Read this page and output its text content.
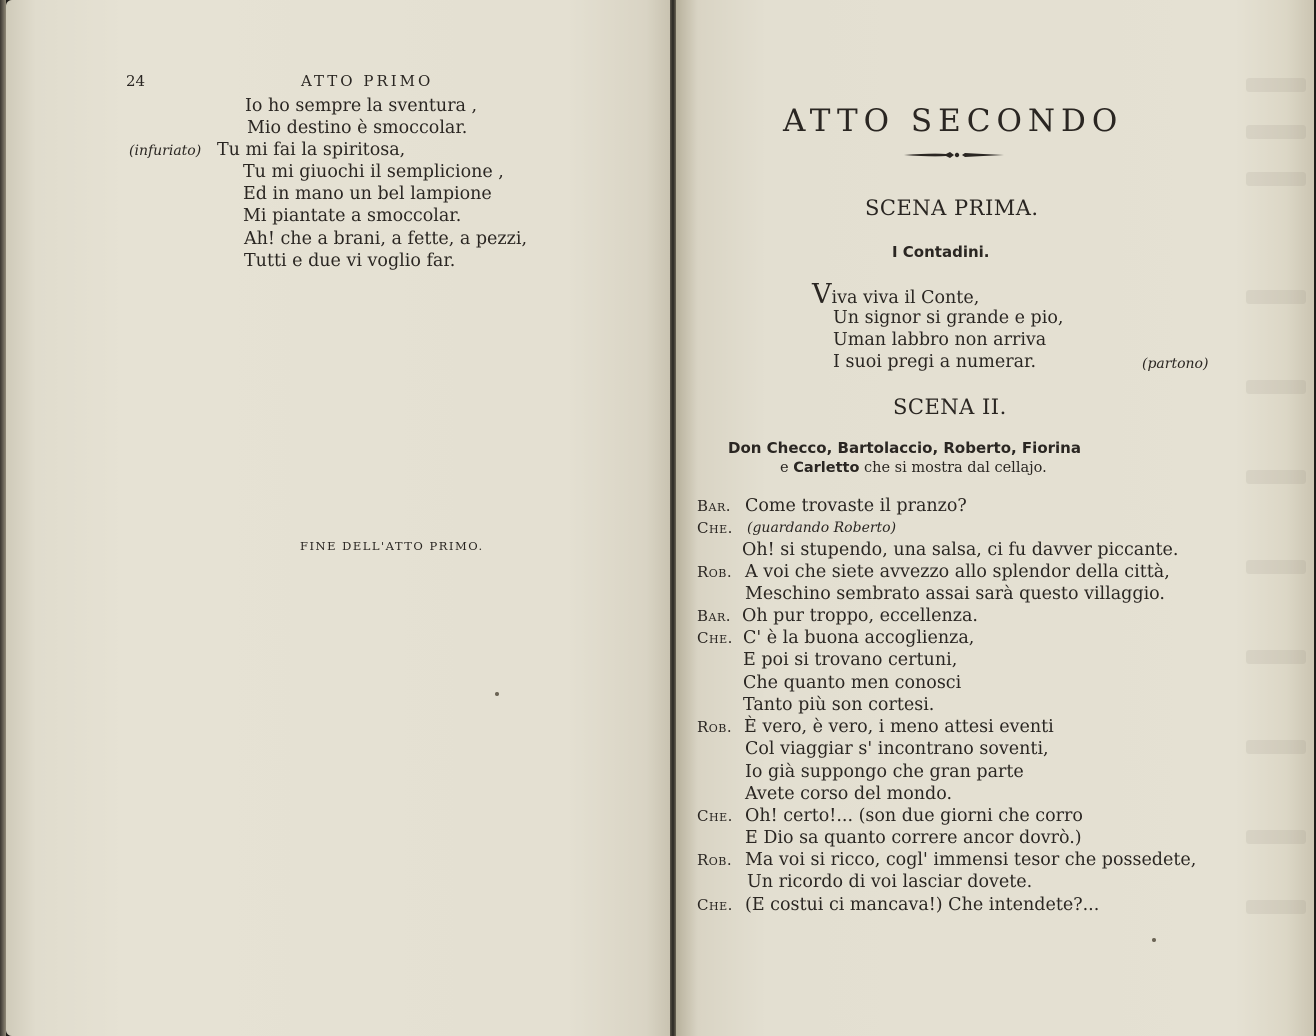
24	ATTO PRIMO
Io ho sempre la sventura ,
Mio destino è smoccolar.
(infuriato) Tu mi fai la spiritosa,
Tu mi giuochi il semplicione ,
Ed in mano un bel lampione
Mi piantate a smoccolar.
Ah! che a brani, a fette, a pezzi,
Tutti e due vi voglio far.
FINE DELL'ATTO PRIMO.
ATTO SECONDO
SCENA PRIMA.
I Contadini.
Viva viva il Conte,
Un signor si grande e pio,
Uman labbro non arriva
I suoi pregi a numerar.	(partono)
SCENA II.
Don Checco, Bartolaccio, Roberto, Fiorina
e Carletto che si mostra dal cellajo.
Bar. Come trovaste il pranzo?
Che. (guardando Roberto)
Oh! si stupendo, una salsa, ci fu davver piccante.
Rob. A voi che siete avvezzo allo splendor della città,
Meschino sembrato assai sarà questo villaggio.
Bar. Oh pur troppo, eccellenza.
Che. C' è la buona accoglienza,
E poi si trovano certuni,
Che quanto men conosci
Tanto più son cortesi.
Rob. È vero, è vero, i meno attesi eventi
Col viaggiar s' incontrano soventi,
Io già suppongo che gran parte
Avete corso del mondo.
Che. Oh! certo!... (son due giorni che corro
E Dio sa quanto correre ancor dovrò.)
Rob. Ma voi si ricco, cogl' immensi tesor che possedete,
Un ricordo di voi lasciar dovete.
Che. (E costui ci mancava!) Che intendete?...
